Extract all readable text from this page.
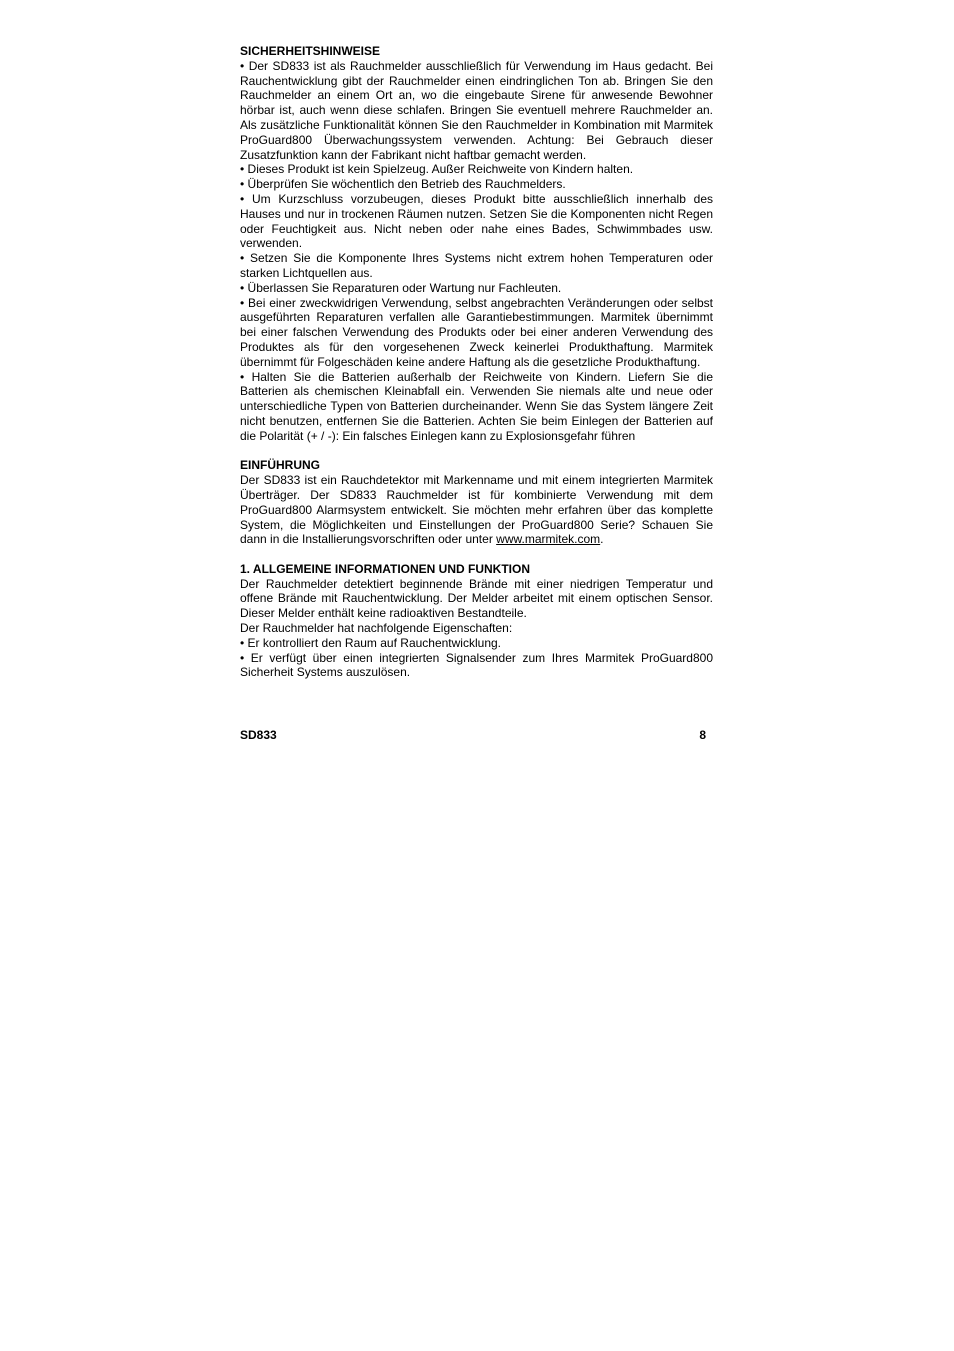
SICHERHEITSHINWEISE

• Der SD833 ist als Rauchmelder ausschließlich für Verwendung im Haus gedacht. Bei Rauchentwicklung gibt der Rauchmelder einen eindringlichen Ton ab. Bringen Sie den Rauchmelder an einem Ort an, wo die eingebaute Sirene für anwesende Bewohner hörbar ist, auch wenn diese schlafen. Bringen Sie eventuell mehrere Rauchmelder an. Als zusätzliche Funktionalität können Sie den Rauchmelder in Kombination mit Marmitek ProGuard800 Überwachungssystem verwenden. Achtung: Bei Gebrauch dieser Zusatzfunktion kann der Fabrikant nicht haftbar gemacht werden.

• Dieses Produkt ist kein Spielzeug. Außer Reichweite von Kindern halten.

• Überprüfen Sie wöchentlich den Betrieb des Rauchmelders.

• Um Kurzschluss vorzubeugen, dieses Produkt bitte ausschließlich innerhalb des Hauses und nur in trockenen Räumen nutzen. Setzen Sie die Komponenten nicht Regen oder Feuchtigkeit aus. Nicht neben oder nahe eines Bades, Schwimmbades usw. verwenden.

• Setzen Sie die Komponente Ihres Systems nicht extrem hohen Temperaturen oder starken Lichtquellen aus.

• Überlassen Sie Reparaturen oder Wartung nur Fachleuten.

• Bei einer zweckwidrigen Verwendung, selbst angebrachten Veränderungen oder selbst ausgeführten Reparaturen verfallen alle Garantiebestimmungen. Marmitek übernimmt bei einer falschen Verwendung des Produkts oder bei einer anderen Verwendung des Produktes als für den vorgesehenen Zweck keinerlei Produkthaftung. Marmitek übernimmt für Folgeschäden keine andere Haftung als die gesetzliche Produkthaftung.

• Halten Sie die Batterien außerhalb der Reichweite von Kindern. Liefern Sie die Batterien als chemischen Kleinabfall ein. Verwenden Sie niemals alte und neue oder unterschiedliche Typen von Batterien durcheinander. Wenn Sie das System längere Zeit nicht benutzen, entfernen Sie die Batterien. Achten Sie beim Einlegen der Batterien auf die Polarität (+ / -): Ein falsches Einlegen kann zu Explosionsgefahr führen

EINFÜHRUNG

Der SD833 ist ein Rauchdetektor mit Markenname und mit einem integrierten Marmitek Überträger. Der SD833 Rauchmelder ist für kombinierte Verwendung mit dem ProGuard800 Alarmsystem entwickelt. Sie möchten mehr erfahren über das komplette System, die Möglichkeiten und Einstellungen der ProGuard800 Serie? Schauen Sie dann in die Installierungsvorschriften oder unter www.marmitek.com.

1. ALLGEMEINE INFORMATIONEN UND FUNKTION

Der Rauchmelder detektiert beginnende Brände mit einer niedrigen Temperatur und offene Brände mit Rauchentwicklung. Der Melder arbeitet mit einem optischen Sensor. Dieser Melder enthält keine radioaktiven Bestandteile.

Der Rauchmelder hat nachfolgende Eigenschaften:

• Er kontrolliert den Raum auf Rauchentwicklung.

• Er verfügt über einen integrierten Signalsender zum Ihres Marmitek ProGuard800 Sicherheit Systems auszulösen.

SD833	8
